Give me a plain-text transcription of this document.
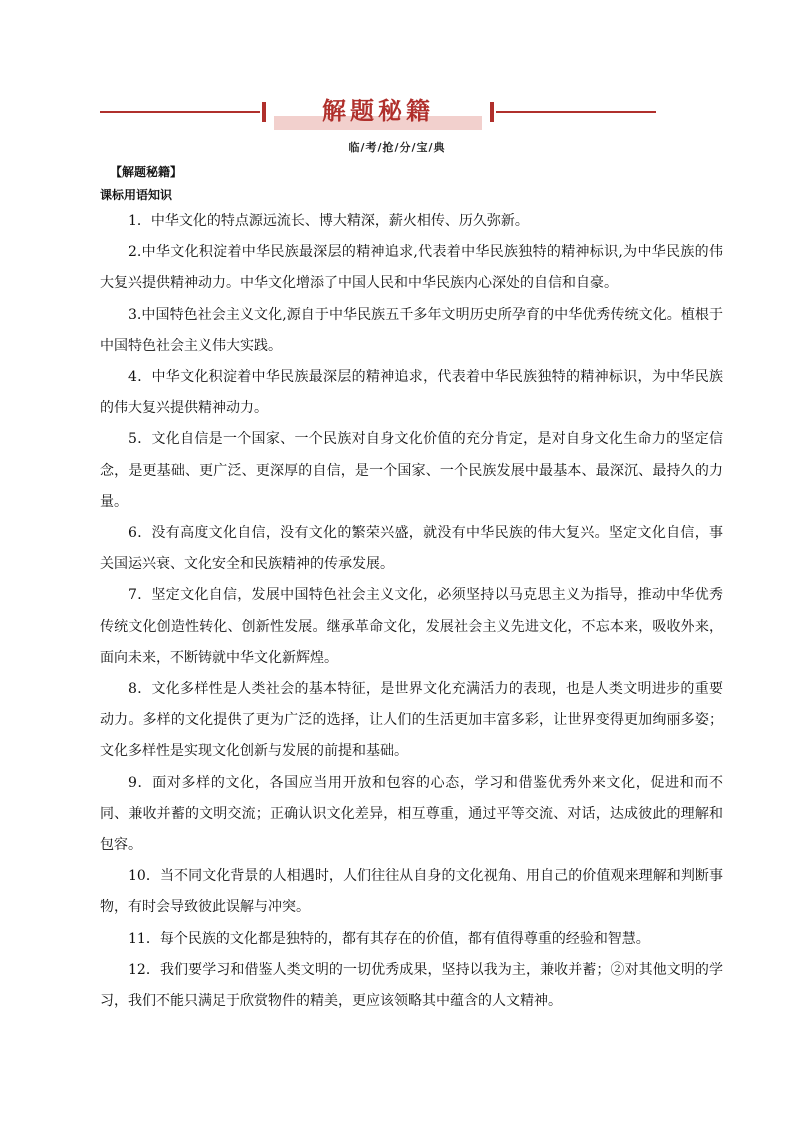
解题秘籍
临/考/抢/分/宝/典
【解题秘籍】
课标用语知识

1．中华文化的特点源远流长、博大精深，薪火相传、历久弥新。

2.中华文化积淀着中华民族最深层的精神追求,代表着中华民族独特的精神标识,为中华民族的伟大复兴提供精神动力。中华文化增添了中国人民和中华民族内心深处的自信和自豪。

3.中国特色社会主义文化,源自于中华民族五千多年文明历史所孕育的中华优秀传统文化。植根于中国特色社会主义伟大实践。

4．中华文化积淀着中华民族最深层的精神追求，代表着中华民族独特的精神标识，为中华民族的伟大复兴提供精神动力。

5．文化自信是一个国家、一个民族对自身文化价值的充分肯定，是对自身文化生命力的坚定信念，是更基础、更广泛、更深厚的自信，是一个国家、一个民族发展中最基本、最深沉、最持久的力量。

6．没有高度文化自信，没有文化的繁荣兴盛，就没有中华民族的伟大复兴。坚定文化自信，事关国运兴衰、文化安全和民族精神的传承发展。

7．坚定文化自信，发展中国特色社会主义文化，必须坚持以马克思主义为指导，推动中华优秀传统文化创造性转化、创新性发展。继承革命文化，发展社会主义先进文化，不忘本来，吸收外来，面向未来，不断铸就中华文化新辉煌。

8．文化多样性是人类社会的基本特征，是世界文化充满活力的表现，也是人类文明进步的重要动力。多样的文化提供了更为广泛的选择，让人们的生活更加丰富多彩，让世界变得更加绚丽多姿；文化多样性是实现文化创新与发展的前提和基础。

9．面对多样的文化，各国应当用开放和包容的心态，学习和借鉴优秀外来文化，促进和而不同、兼收并蓄的文明交流；正确认识文化差异，相互尊重，通过平等交流、对话，达成彼此的理解和包容。

10．当不同文化背景的人相遇时，人们往往从自身的文化视角、用自己的价值观来理解和判断事物，有时会导致彼此误解与冲突。

11．每个民族的文化都是独特的，都有其存在的价值，都有值得尊重的经验和智慧。

12．我们要学习和借鉴人类文明的一切优秀成果，坚持以我为主，兼收并蓄；②对其他文明的学习，我们不能只满足于欣赏物件的精美，更应该领略其中蕴含的人文精神。
